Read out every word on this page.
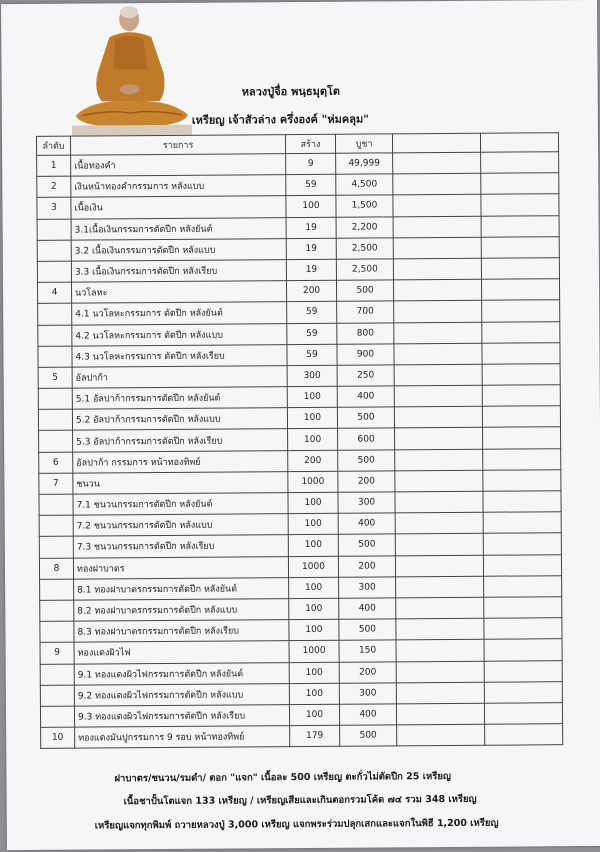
หลวงปู่จื่อ พนฺธมุตฺโต
เหรียญ เจ้าสัวล่าง ครึ่งองค์ "ห่มคลุม"
ลำดับ	รายการ	สร้าง	บูชา		
1	เนื้อทองคำ	9	49,999		
2	เงินหน้าทองคำกรรมการ หลังแบบ	59	4,500		
3	เนื้อเงิน	100	1,500		
	3.1เนื้อเงินกรรมการตัดปีก หลังยันต์	19	2,200		
	3.2 เนื้อเงินกรรมการตัดปีก หลังแบบ	19	2,500		
	3.3 เนื้อเงินกรรมการตัดปีก หลังเรียบ	19	2,500		
4	นวโลหะ	200	500		
	4.1 นวโลหะกรรมการ ตัดปีก หลังยันต์	59	700		
	4.2 นวโลหะกรรมการ ตัดปีก หลังแบบ	59	800		
	4.3 นวโลหะกรรมการ ตัดปีก หลังเรียบ	59	900		
5	อัลปาก้า	300	250		
	5.1 อัลปาก้ากรรมการตัดปีก หลังยันต์	100	400		
	5.2 อัลปาก้ากรรมการตัดปีก หลังแบบ	100	500		
	5.3 อัลปาก้ากรรมการตัดปีก หลังเรียบ	100	600		
6	อัลปาก้า กรรมการ หน้าทองทิพย์	200	500		
7	ชนวน	1000	200		
	7.1 ชนวนกรรมการตัดปีก หลังยันต์	100	300		
	7.2 ชนวนกรรมการตัดปีก หลังแบบ	100	400		
	7.3 ชนวนกรรมการตัดปีก หลังเรียบ	100	500		
8	ทองฝาบาตร	1000	200		
	8.1 ทองฝาบาตรกรรมการตัดปีก หลังยันต์	100	300		
	8.2 ทองฝาบาตรกรรมการตัดปีก หลังแบบ	100	400		
	8.3 ทองฝาบาตรกรรมการตัดปีก หลังเรียบ	100	500		
9	ทองแดงผิวไฟ	1000	150		
	9.1 ทองแดงผิวไฟกรรมการตัดปีก หลังยันต์	100	200		
	9.2 ทองแดงผิวไฟกรรมการตัดปีก หลังแบบ	100	300		
	9.3 ทองแดงผิวไฟกรรมการตัดปีก หลังเรียบ	100	400		
10	ทองแดงมันปูกรรมการ 9 รอบ หน้าทองทิพย์	179	500		
ฝาบาตร/ชนวน/รมดำ/ ตอก "แจก" เนื้อละ 500 เหรียญ ตะกั่วไม่ตัดปีก 25 เหรียญ
เนื้อชาปั้นโตแจก 133 เหรียญ / เหรียญเสียและเกินตอกรวมโค้ด ๗๔ รวม 348 เหรียญ
เหรียญแจกทุกพิมพ์ ถวายหลวงปู่ 3,000 เหรียญ แจกพระร่วมปลุกเสกและแจกในพิธี 1,200 เหรียญ
